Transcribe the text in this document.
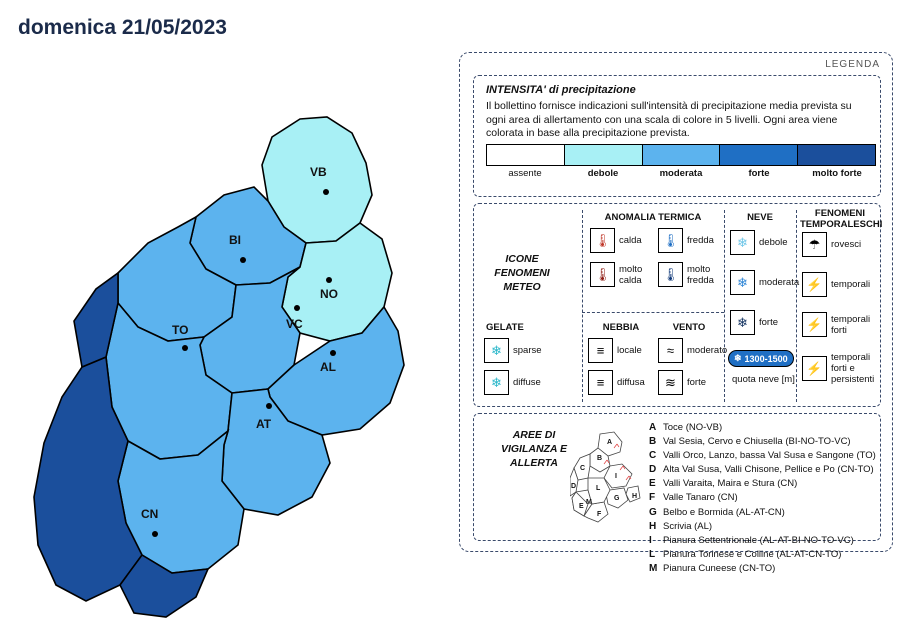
domenica 21/05/2023
VB
BI
NO
VC
TO
AL
AT
CN
LEGENDA
INTENSITA' di precipitazione
Il bollettino fornisce indicazioni sull'intensità di precipitazione media prevista su ogni area di allertamento con una scala di colore in 5 livelli. Ogni area viene colorata in base alla precipitazione prevista.
assente	debole	moderata	forte	molto forte
ICONE FENOMENI METEO
ANOMALIA TERMICA
🌡 calda	🌡 fredda
🌡 molto calda	🌡 molto fredda
GELATE
❄	sparse
❄	diffuse
NEBBIA
≡	locale
≡	diffusa
VENTO
≈	moderato
≋	forte
NEVE
❄	debole
❄	moderata
❄	forte
❄ 1300-1500
quota neve [m]
FENOMENI TEMPORALESCHI
☂	rovesci
⚡ temporali
⚡ temporali forti
⚡
temporali forti e persistenti
AREE DI VIGILANZA E ALLERTA
A
B
C
D
E
F
G H
I
L
M
A Toce (NO-VB)
B Val Sesia, Cervo e Chiusella (BI-NO-TO-VC)
C Valli Orco, Lanzo, bassa Val Susa e Sangone (TO)
D Alta Val Susa, Valli Chisone, Pellice e Po (CN-TO)
E Valli Varaita, Maira e Stura (CN)
F Valle Tanaro (CN)
G Belbo e Bormida (AL-AT-CN)
H Scrivia (AL)
I	Pianura Settentrionale (AL-AT-BI-NO-TO-VC)
L Pianura Torinese e Colline (AL-AT-CN-TO)
M Pianura Cuneese (CN-TO)
